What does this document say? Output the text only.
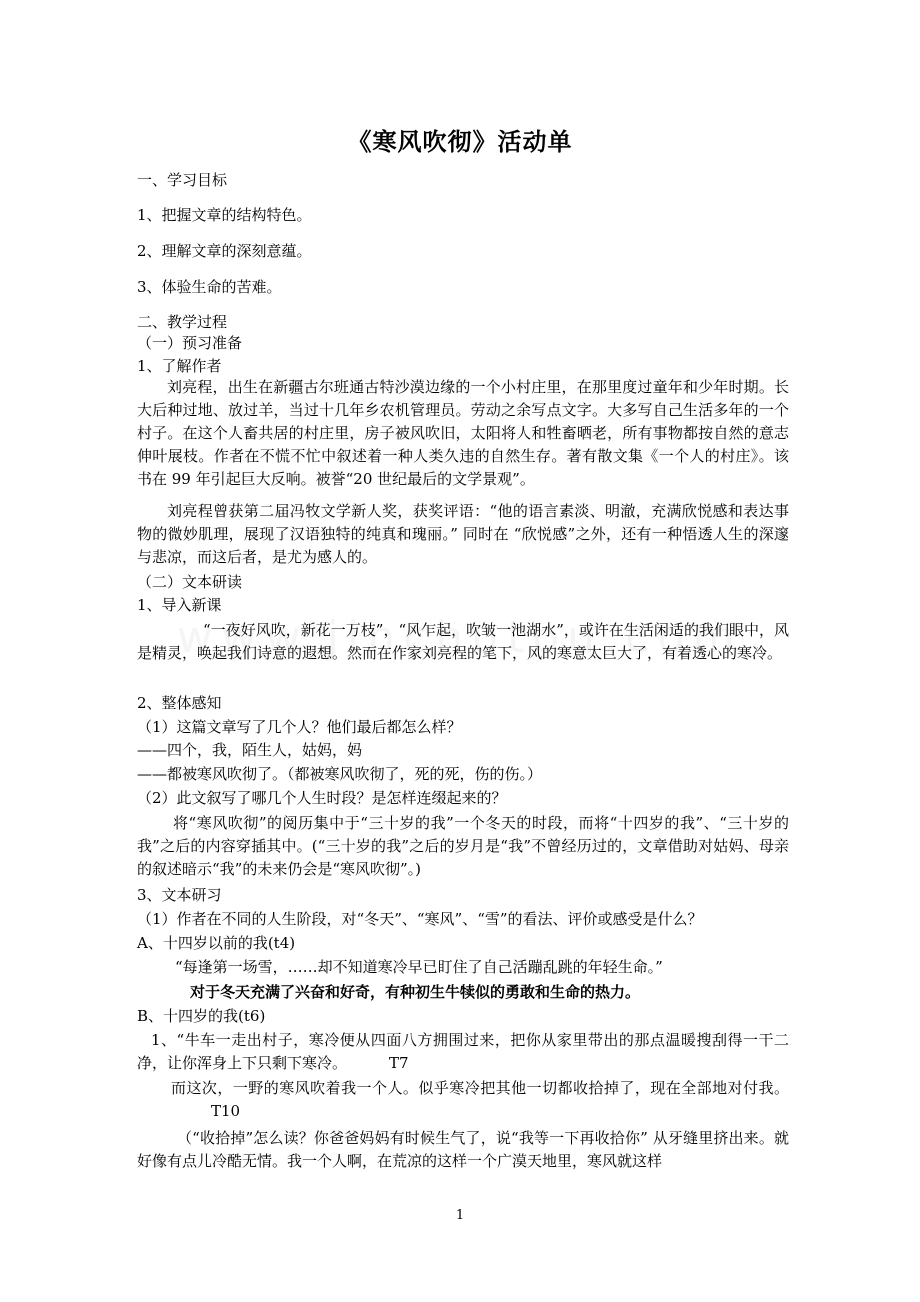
《寒风吹彻》活动单
一、学习目标
1、把握文章的结构特色。
2、理解文章的深刻意蕴。
3、体验生命的苦难。
二、教学过程
（一）预习准备
1、了解作者
刘亮程，出生在新疆古尔班通古特沙漠边缘的一个小村庄里，在那里度过童年和少年时期。长大后种过地、放过羊，当过十几年乡农机管理员。劳动之余写点文字。大多写自己生活多年的一个村子。在这个人畜共居的村庄里，房子被风吹旧，太阳将人和牲畜晒老，所有事物都按自然的意志伸叶展枝。作者在不慌不忙中叙述着一种人类久违的自然生存。著有散文集《一个人的村庄》。该书在 99 年引起巨大反响。被誉“20 世纪最后的文学景观”。
刘亮程曾获第二届冯牧文学新人奖，获奖评语：“他的语言素淡、明澈，充满欣悦感和表达事物的微妙肌理，展现了汉语独特的纯真和瑰丽。” 同时在 “欣悦感”之外，还有一种悟透人生的深邃与悲凉，而这后者，是尤为感人的。
（二）文本研读
1、导入新课
“一夜好风吹，新花一万枝”，“风乍起，吹皱一池湖水”，或许在生活闲适的我们眼中，风是精灵，唤起我们诗意的遐想。然而在作家刘亮程的笔下，风的寒意太巨大了，有着透心的寒冷。
2、整体感知
（1）这篇文章写了几个人？他们最后都怎么样？
——四个，我，陌生人，姑妈，妈
——都被寒风吹彻了。（都被寒风吹彻了，死的死，伤的伤。）
（2）此文叙写了哪几个人生时段？是怎样连缀起来的？
将“寒风吹彻”的阅历集中于“三十岁的我”一个冬天的时段，而将“十四岁的我”、“三十岁的我”之后的内容穿插其中。(“三十岁的我”之后的岁月是“我”不曾经历过的，文章借助对姑妈、母亲的叙述暗示“我”的未来仍会是“寒风吹彻”。)
3、文本研习
（1）作者在不同的人生阶段，对“冬天”、“寒风”、“雪”的看法、评价或感受是什么？
A、十四岁以前的我(t4)
“每逢第一场雪，……却不知道寒冷早已盯住了自己活蹦乱跳的年轻生命。”
对于冬天充满了兴奋和好奇，有种初生牛犊似的勇敢和生命的热力。
B、十四岁的我(t6)
1、“牛车一走出村子，寒冷便从四面八方拥围过来，把你从家里带出的那点温暖搜刮得一干二净，让你浑身上下只剩下寒冷。	T7
而这次，一野的寒风吹着我一个人。似乎寒冷把其他一切都收拾掉了，现在全部地对付我。T10
（“收拾掉”怎么读？你爸爸妈妈有时候生气了，说“我等一下再收拾你” 从牙缝里挤出来。就好像有点儿冷酷无情。我一个人啊，在荒凉的这样一个广漠天地里，寒风就这样
1
